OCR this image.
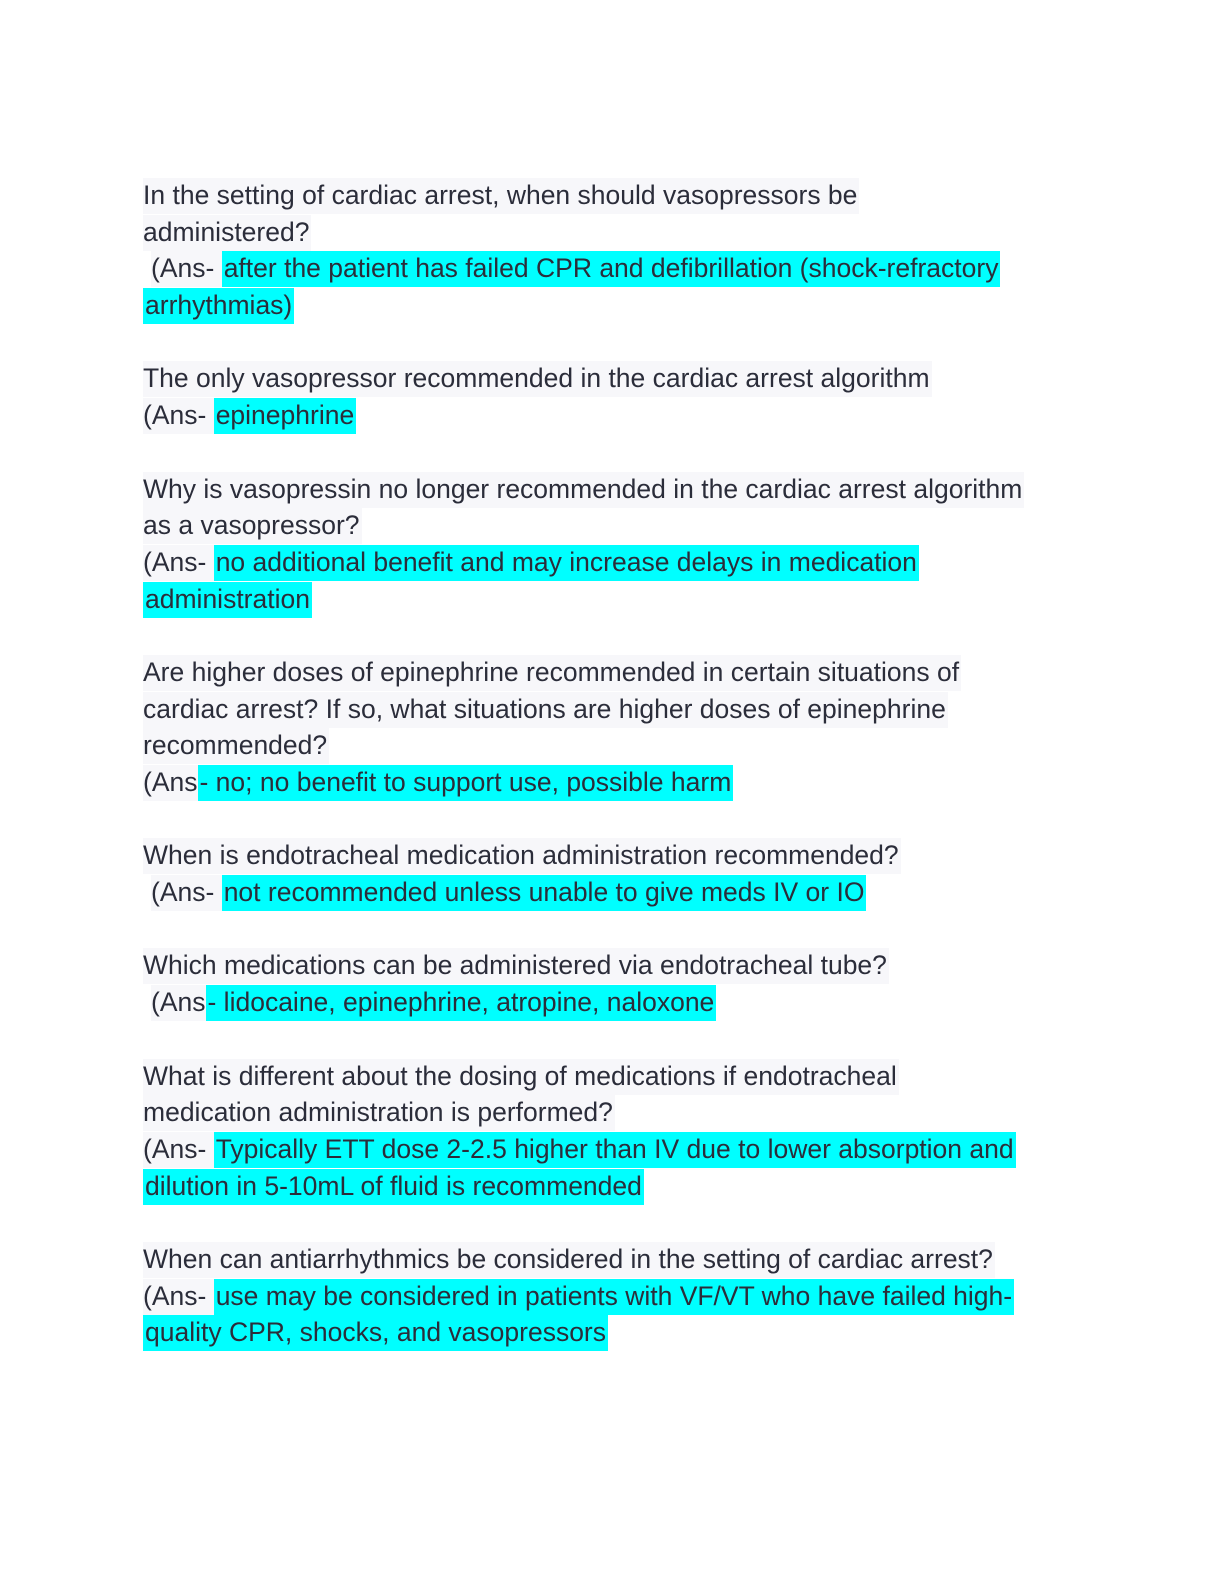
In the setting of cardiac arrest, when should vasopressors be
administered?
(Ans- after the patient has failed CPR and defibrillation (shock-refractory
arrhythmias)
The only vasopressor recommended in the cardiac arrest algorithm
(Ans- epinephrine
Why is vasopressin no longer recommended in the cardiac arrest algorithm
as a vasopressor?
(Ans- no additional benefit and may increase delays in medication
administration
Are higher doses of epinephrine recommended in certain situations of
cardiac arrest? If so, what situations are higher doses of epinephrine
recommended?
(Ans- no; no benefit to support use, possible harm
When is endotracheal medication administration recommended?
(Ans- not recommended unless unable to give meds IV or IO
Which medications can be administered via endotracheal tube?
(Ans- lidocaine, epinephrine, atropine, naloxone
What is different about the dosing of medications if endotracheal
medication administration is performed?
(Ans- Typically ETT dose 2-2.5 higher than IV due to lower absorption and
dilution in 5-10mL of fluid is recommended
When can antiarrhythmics be considered in the setting of cardiac arrest?
(Ans- use may be considered in patients with VF/VT who have failed high-
quality CPR, shocks, and vasopressors
